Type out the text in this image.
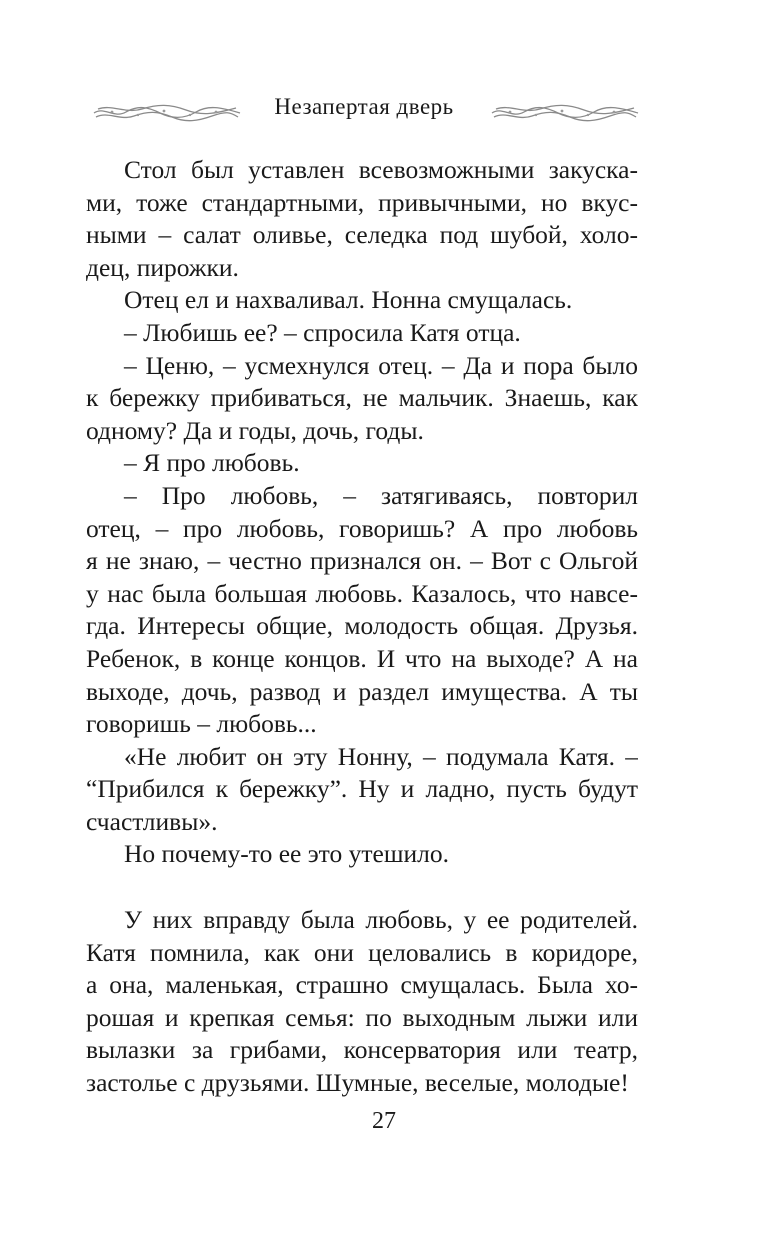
Незапертая дверь
Стол был уставлен всевозможными закуска-
ми, тоже стандартными, привычными, но вкус-
ными – салат оливье, селедка под шубой, холо-
дец, пирожки.
Отец ел и нахваливал. Нонна смущалась.
– Любишь ее? – спросила Катя отца.
– Ценю, – усмехнулся отец. – Да и пора было
к бережку прибиваться, не мальчик. Знаешь, как
одному? Да и годы, дочь, годы.
– Я про любовь.
– Про любовь, – затягиваясь, повторил
отец, – про любовь, говоришь? А про любовь
я не знаю, – честно признался он. – Вот с Ольгой
у нас была большая любовь. Казалось, что навсе-
гда. Интересы общие, молодость общая. Друзья.
Ребенок, в конце концов. И что на выходе? А на
выходе, дочь, развод и раздел имущества. А ты
говоришь – любовь...
«Не любит он эту Нонну, – подумала Катя. –
“Прибился к бережку”. Ну и ладно, пусть будут
счастливы».
Но почему-то ее это утешило.
У них вправду была любовь, у ее родителей.
Катя помнила, как они целовались в коридоре,
а она, маленькая, страшно смущалась. Была хо-
рошая и крепкая семья: по выходным лыжи или
вылазки за грибами, консерватория или театр,
застолье с друзьями. Шумные, веселые, молодые!
27
